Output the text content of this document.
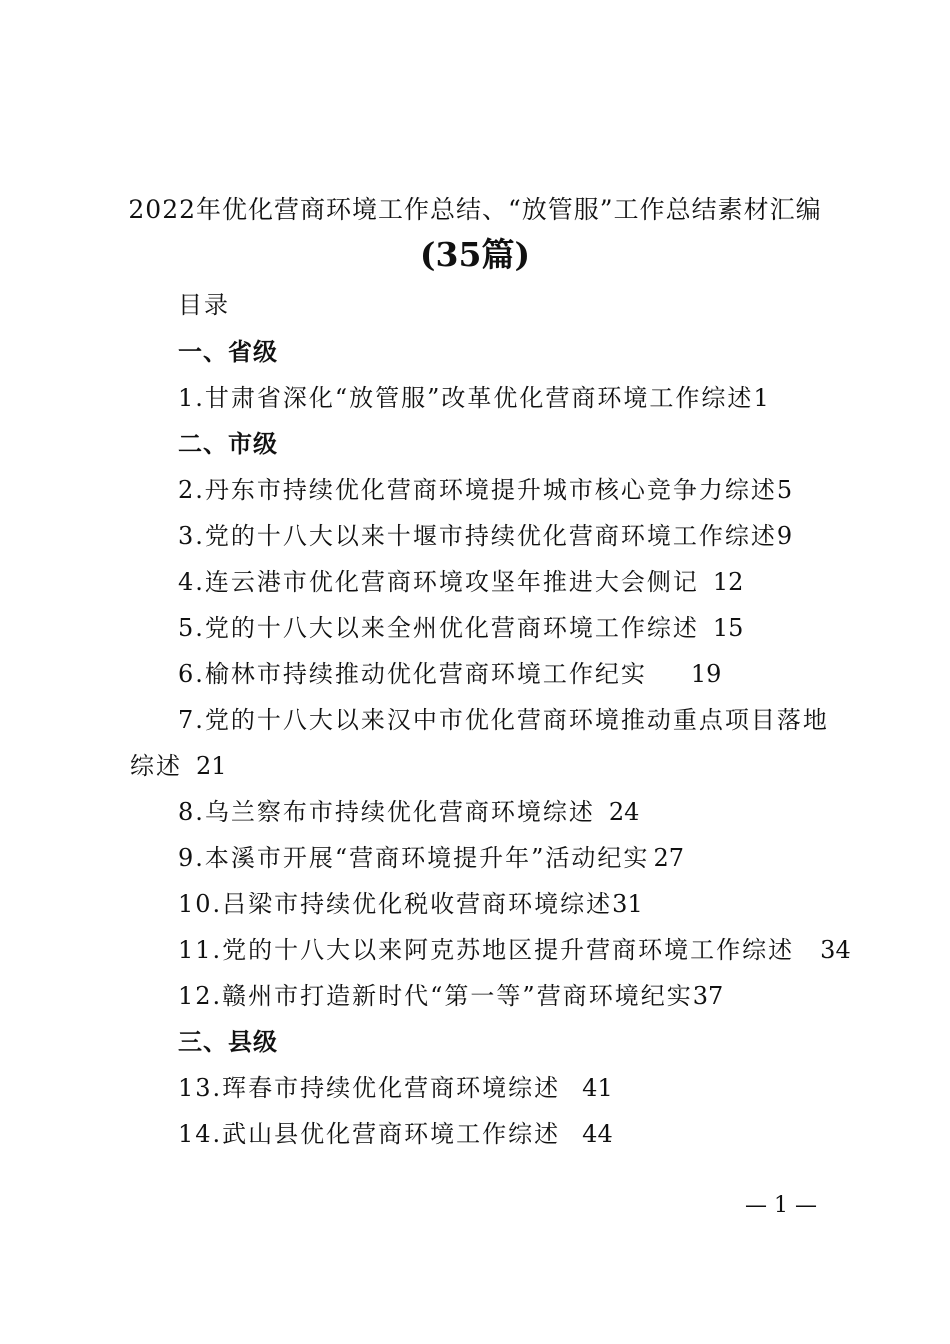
2022年优化营商环境工作总结、“放管服”工作总结素材汇编
(35篇)
目录
一、省级
1.甘肃省深化“放管服”改革优化营商环境工作综述1
二、市级
2.丹东市持续优化营商环境提升城市核心竞争力综述5
3.党的十八大以来十堰市持续优化营商环境工作综述9
4.连云港市优化营商环境攻坚年推进大会侧记 12
5.党的十八大以来全州优化营商环境工作综述 15
6.榆林市持续推动优化营商环境工作纪实 19
7.党的十八大以来汉中市优化营商环境推动重点项目落地
综述 21
8.乌兰察布市持续优化营商环境综述 24
9.本溪市开展“营商环境提升年”活动纪实 27
10.吕梁市持续优化税收营商环境综述31
11.党的十八大以来阿克苏地区提升营商环境工作综述 34
12.赣州市打造新时代“第一等”营商环境纪实37
三、县级
13.珲春市持续优化营商环境综述 41
14.武山县优化营商环境工作综述 44
— 1 —
